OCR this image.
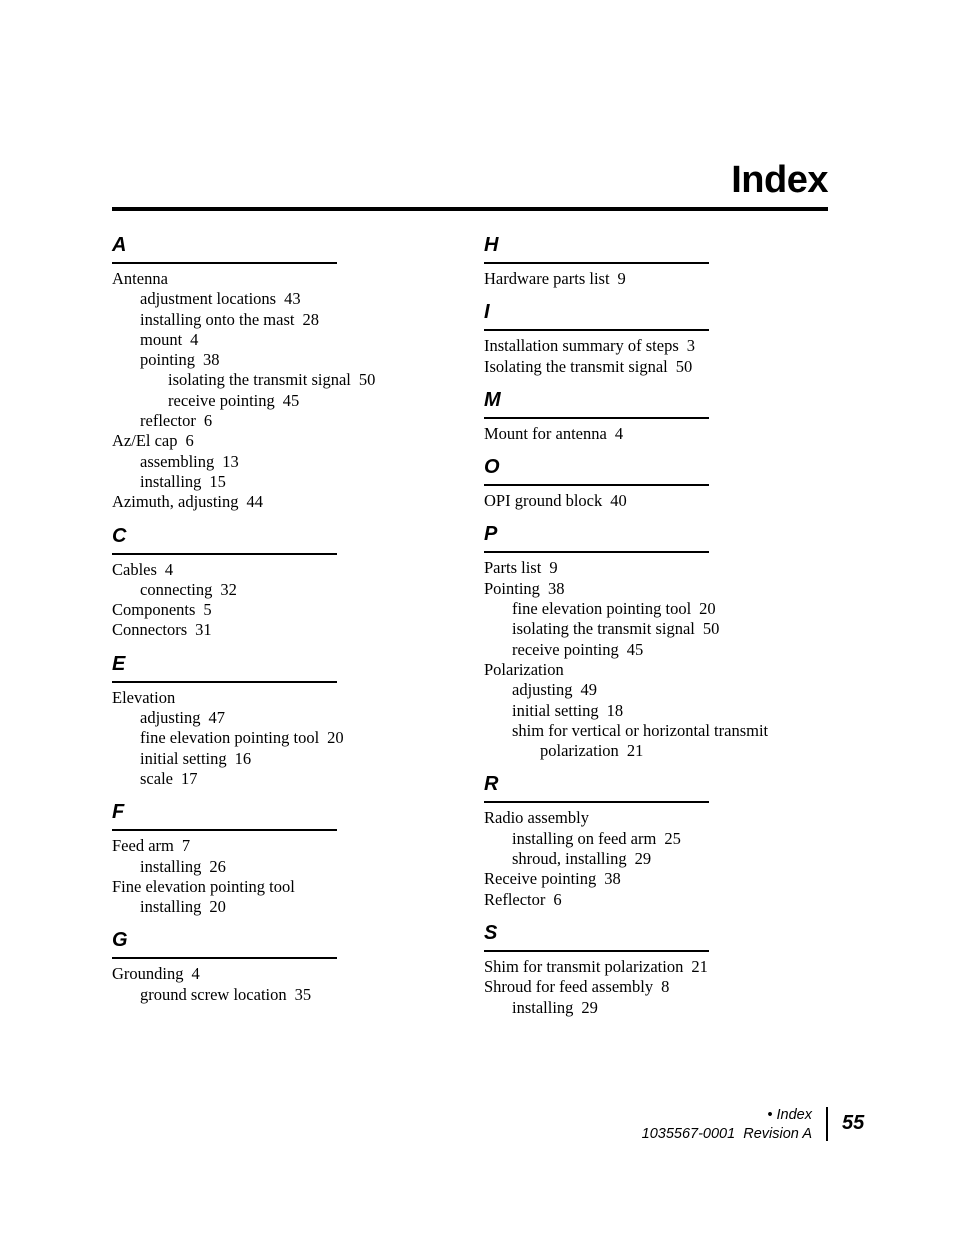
Index
A
Antenna
adjustment locations 43
installing onto the mast 28
mount 4
pointing 38
isolating the transmit signal 50
receive pointing 45
reflector 6
Az/El cap 6
assembling 13
installing 15
Azimuth, adjusting 44
C
Cables 4
connecting 32
Components 5
Connectors 31
E
Elevation
adjusting 47
fine elevation pointing tool 20
initial setting 16
scale 17
F
Feed arm 7
installing 26
Fine elevation pointing tool
installing 20
G
Grounding 4
ground screw location 35
H
Hardware parts list 9
I
Installation summary of steps 3
Isolating the transmit signal 50
M
Mount for antenna 4
O
OPI ground block 40
P
Parts list 9
Pointing 38
fine elevation pointing tool 20
isolating the transmit signal 50
receive pointing 45
Polarization
adjusting 49
initial setting 18
shim for vertical or horizontal transmit
polarization 21
R
Radio assembly
installing on feed arm 25
shroud, installing 29
Receive pointing 38
Reflector 6
S
Shim for transmit polarization 21
Shroud for feed assembly 8
installing 29
• Index
1035567-0001  Revision A 55
